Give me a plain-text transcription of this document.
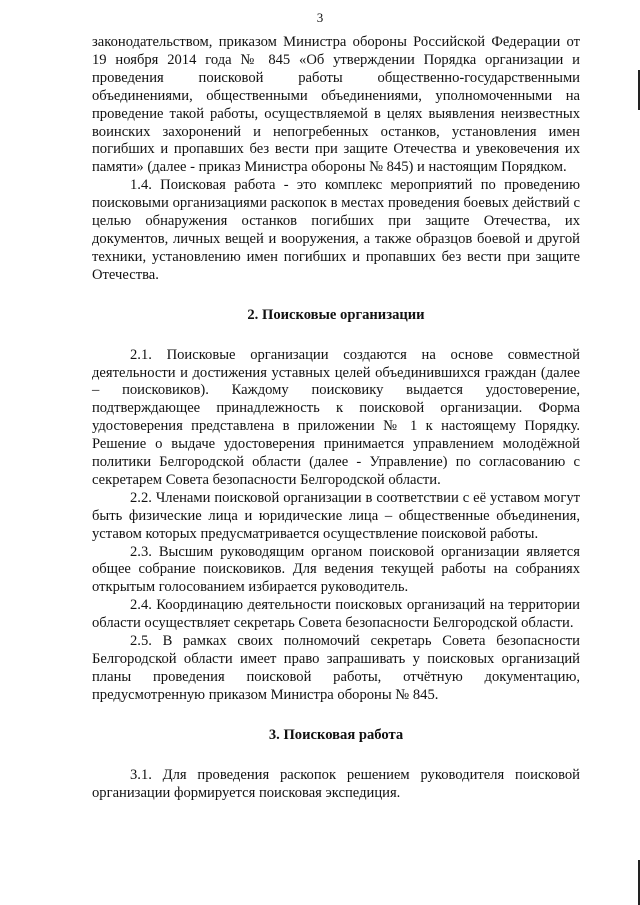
3

законодательством, приказом Министра обороны Российской Федерации от 19 ноября 2014 года № 845 «Об утверждении Порядка организации и проведения поисковой работы общественно-государственными объединениями, общественными объединениями, уполномоченными на проведение такой работы, осуществляемой в целях выявления неизвестных воинских захоронений и непогребенных останков, установления имен погибших и пропавших без вести при защите Отечества и увековечения их памяти» (далее - приказ Министра обороны № 845) и настоящим Порядком.

1.4. Поисковая работа - это комплекс мероприятий по проведению поисковыми организациями раскопок в местах проведения боевых действий с целью обнаружения останков погибших при защите Отечества, их документов, личных вещей и вооружения, а также образцов боевой и другой техники, установлению имен погибших и пропавших без вести при защите Отечества.

2. Поисковые организации

2.1. Поисковые организации создаются на основе совместной деятельности и достижения уставных целей объединившихся граждан (далее – поисковиков). Каждому поисковику выдается удостоверение, подтверждающее принадлежность к поисковой организации. Форма удостоверения представлена в приложении № 1 к настоящему Порядку. Решение о выдаче удостоверения принимается управлением молодёжной политики Белгородской области (далее - Управление) по согласованию с секретарем Совета безопасности Белгородской области.

2.2. Членами поисковой организации в соответствии с её уставом могут быть физические лица и юридические лица – общественные объединения, уставом которых предусматривается осуществление поисковой работы.

2.3. Высшим руководящим органом поисковой организации является общее собрание поисковиков. Для ведения текущей работы на собраниях открытым голосованием избирается руководитель.

2.4. Координацию деятельности поисковых организаций на территории области осуществляет секретарь Совета безопасности Белгородской области.

2.5. В рамках своих полномочий секретарь Совета безопасности Белгородской области имеет право запрашивать у поисковых организаций планы проведения поисковой работы, отчётную документацию, предусмотренную приказом Министра обороны № 845.

3. Поисковая работа

3.1. Для проведения раскопок решением руководителя поисковой организации формируется поисковая экспедиция.
